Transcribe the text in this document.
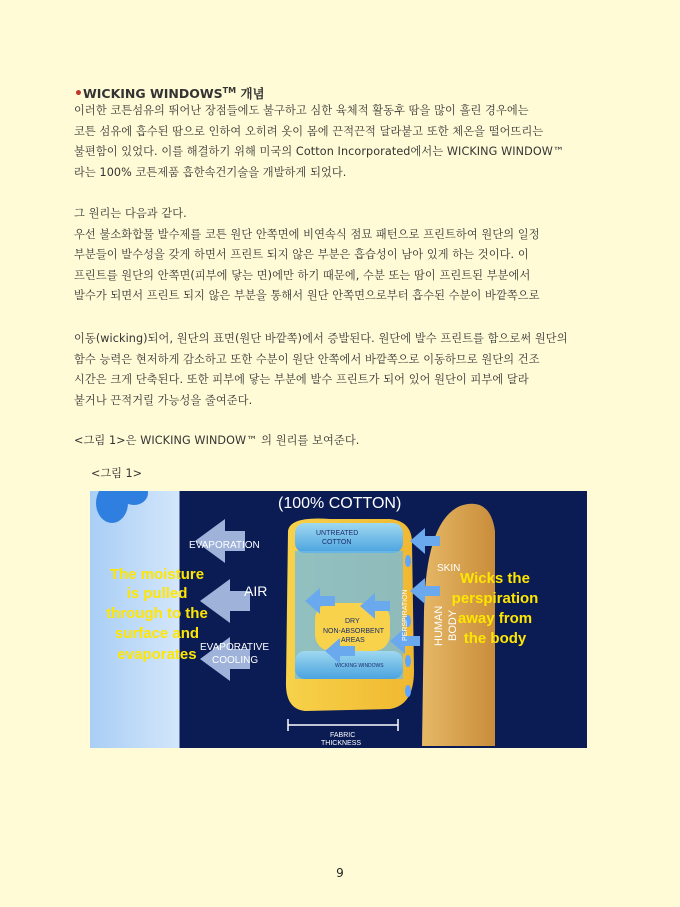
•WICKING WINDOWS™ 개념
이러한 코튼섬유의 뛰어난 장점들에도 불구하고 심한 육체적 활동후 땀을 많이 흘린 경우에는
코튼 섬유에 흡수된 땀으로 인하여 오히려 옷이 몸에 끈적끈적 달라붙고 또한 체온을 떨어뜨리는
불편함이 있었다. 이를 해결하기 위해 미국의 Cotton Incorporated에서는 WICKING WINDOW™
라는 100% 코튼제품 흡한속건기술을 개발하게 되었다.
그 원리는 다음과 같다.
우선 불소화합물 발수제를 코튼 원단 안쪽면에 비연속식 점묘 패턴으로 프린트하여 원단의 일정
부분들이 발수성을 갖게 하면서 프린트 되지 않은 부분은 흡습성이 남아 있게 하는 것이다. 이
프린트를 원단의 안쪽면(피부에 닿는 면)에만 하기 때문에, 수분 또는 땀이 프린트된 부분에서
발수가 되면서 프린트 되지 않은 부분을 통해서 원단 안쪽면으로부터 흡수된 수분이 바깥쪽으로
이동(wicking)되어, 원단의 표면(원단 바깥쪽)에서 증발된다. 원단에 발수 프린트를 함으로써 원단의
함수 능력은 현저하게 감소하고 또한 수분이 원단 안쪽에서 바깥쪽으로 이동하므로 원단의 건조
시간은 크게 단축된다. 또한 피부에 닿는 부분에 발수 프린트가 되어 있어 원단이 피부에 달라
붙거나 끈적거릴 가능성을 줄여준다.
<그림 1>은 WICKING WINDOW™ 의 원리를 보여준다.
<그림 1>
(100% COTTON)
EVAPORATION
UNTREATED
COTTON
SKIN
AIR	PERSPIRATION HUMAN BODY
DRY
NON-ABSORBENT
AREAS
EVAPORATIVE
COOLING	WICKING WINDOWS
FABRIC
THICKNESS
The moisture
is pulled
through to the
surface and
evaporates
Wicks the
perspiration
away from
the body
9
